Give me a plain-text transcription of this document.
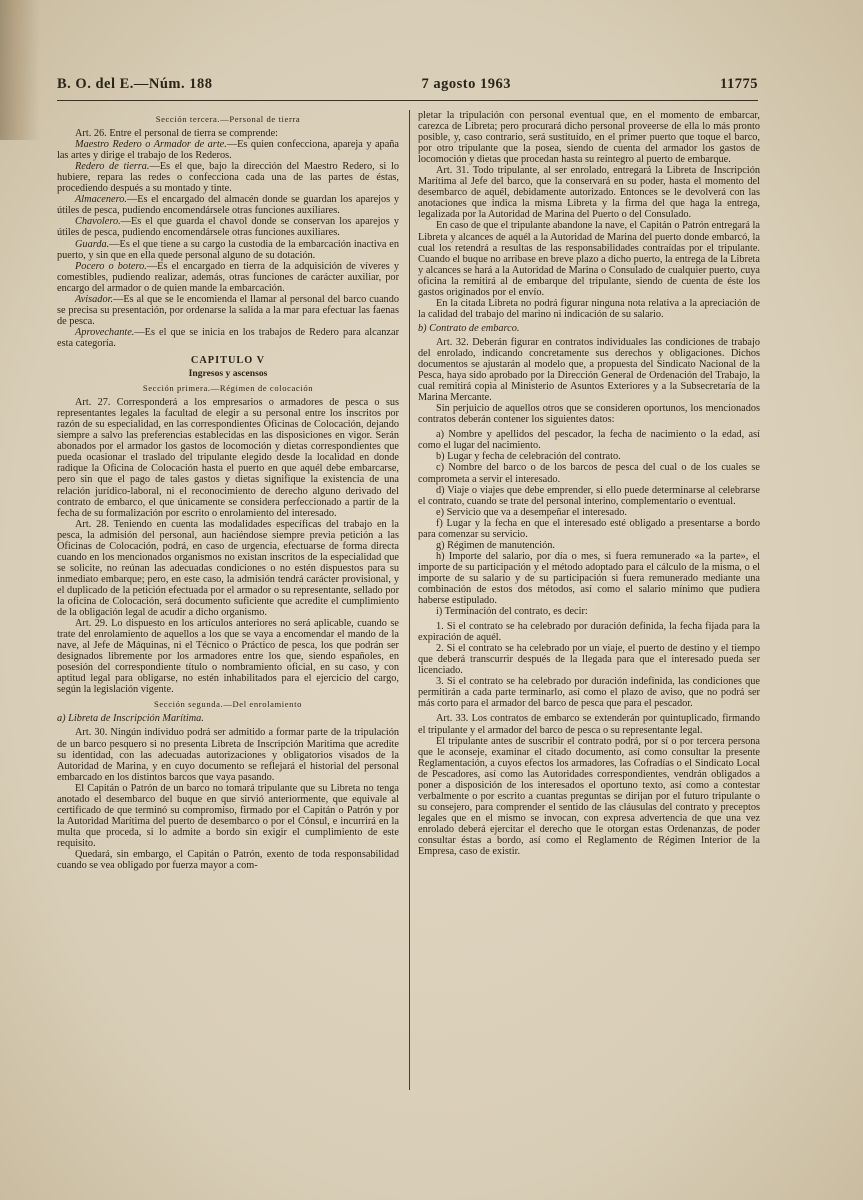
B. O. del E.—Núm. 188	7 agosto 1963	11775

Sección tercera.—Personal de tierra

Art. 26. Entre el personal de tierra se comprende:

Maestro Redero o Armador de arte.—Es quien confecciona, apareja y apaña las artes y dirige el trabajo de los Rederos.

Redero de tierra.—Es el que, bajo la dirección del Maestro Redero, si lo hubiere, repara las redes o confecciona cada una de las partes de éstas, procediendo después a su montado y tinte.

Almacenero.—Es el encargado del almacén donde se guardan los aparejos y útiles de pesca, pudiendo encomendársele otras funciones auxiliares.

Chavolero.—Es el que guarda el chavol donde se conservan los aparejos y útiles de pesca, pudiendo encomendársele otras funciones auxiliares.

Guarda.—Es el que tiene a su cargo la custodia de la embarcación inactiva en puerto, y sin que en ella quede personal alguno de su dotación.

Pocero o botero.—Es el encargado en tierra de la adquisición de víveres y comestibles, pudiendo realizar, además, otras funciones de carácter auxiliar, por encargo del armador o de quien mande la embarcación.

Avisador.—Es al que se le encomienda el llamar al personal del barco cuando se precisa su presentación, por ordenarse la salida a la mar para efectuar las faenas de pesca.

Aprovechante.—Es el que se inicia en los trabajos de Redero para alcanzar esta categoría.

CAPITULO V

Ingresos y ascensos

Sección primera.—Régimen de colocación

Art. 27. Corresponderá a los empresarios o armadores de pesca o sus representantes legales la facultad de elegir a su personal entre los inscritos por razón de su especialidad, en las correspondientes Oficinas de Colocación, dejando siempre a salvo las preferencias establecidas en las disposiciones en vigor. Serán abonados por el armador los gastos de locomoción y dietas correspondientes que pueda ocasionar el traslado del tripulante elegido desde la localidad en donde radique la Oficina de Colocación hasta el puerto en que aquél debe embarcarse, pero sin que el pago de tales gastos y dietas signifique la existencia de una relación jurídico-laboral, ni el reconocimiento de derecho alguno derivado del contrato de embarco, el que únicamente se considera perfeccionado a partir de la fecha de su formalización por escrito o enrolamiento del interesado.

Art. 28. Teniendo en cuenta las modalidades específicas del trabajo en la pesca, la admisión del personal, aun haciéndose siempre previa petición a las Oficinas de Colocación, podrá, en caso de urgencia, efectuarse de forma directa cuando en los mencionados organismos no existan inscritos de la especialidad que se solicite, no reúnan las adecuadas condiciones o no estén dispuestos para su inmediato embarque; pero, en este caso, la admisión tendrá carácter provisional, y el duplicado de la petición efectuada por el armador o su representante, sellado por la oficina de Colocación, será documento suficiente que acredite el cumplimiento de la obligación legal de acudir a dicho organismo.

Art. 29. Lo dispuesto en los artículos anteriores no será aplicable, cuando se trate del enrolamiento de aquellos a los que se vaya a encomendar el mando de la nave, al Jefe de Máquinas, ni el Técnico o Práctico de pesca, los que podrán ser designados libremente por los armadores entre los que, siendo españoles, en posesión del correspondiente título o nombramiento oficial, en su caso, y con aptitud legal para obligarse, no estén inhabilitados para el ejercicio del cargo, según la legislación vigente.

Sección segunda.—Del enrolamiento

a) Libreta de Inscripción Marítima.

Art. 30. Ningún individuo podrá ser admitido a formar parte de la tripulación de un barco pesquero si no presenta Libreta de Inscripción Marítima que acredite su identidad, con las adecuadas autorizaciones y obligatorios visados de la Autoridad de Marina, y en cuyo documento se reflejará el historial del personal embarcado en los distintos barcos que vaya pasando.

El Capitán o Patrón de un barco no tomará tripulante que su Libreta no tenga anotado el desembarco del buque en que sirvió anteriormente, que equivale al certificado de que terminó su compromiso, firmado por el Capitán o Patrón y por la Autoridad Marítima del puerto de desembarco o por el Cónsul, e incurrirá en la multa que proceda, si lo admite a bordo sin exigir el cumplimiento de este requisito.

Quedará, sin embargo, el Capitán o Patrón, exento de toda responsabilidad cuando se vea obligado por fuerza mayor a com-

pletar la tripulación con personal eventual que, en el momento de embarcar, carezca de Libreta; pero procurará dicho personal proveerse de ella lo más pronto posible, y, caso contrario, será sustituído, en el primer puerto que toque el barco, por otro tripulante que la posea, siendo de cuenta del armador los gastos de locomoción y dietas que procedan hasta su reintegro al puerto de embarque.

Art. 31. Todo tripulante, al ser enrolado, entregará la Libreta de Inscripción Marítima al Jefe del barco, que la conservará en su poder, hasta el momento del desembarco de aquél, debidamente autorizado. Entonces se le devolverá con las anotaciones que indica la misma Libreta y la firma del que haga la entrega, legalizada por la Autoridad de Marina del Puerto o del Consulado.

En caso de que el tripulante abandone la nave, el Capitán o Patrón entregará la Libreta y alcances de aquél a la Autoridad de Marina del puerto donde embarcó, la cual los retendrá a resultas de las responsabilidades contraídas por el tripulante. Cuando el buque no arribase en breve plazo a dicho puerto, la entrega de la Libreta y alcances se hará a la Autoridad de Marina o Consulado de cualquier puerto, cuya oficina la remitirá al de embarque del tripulante, siendo de cuenta de éste los gastos originados por el envío.

En la citada Libreta no podrá figurar ninguna nota relativa a la apreciación de la calidad del trabajo del marino ni indicación de su salario.

b) Contrato de embarco.

Art. 32. Deberán figurar en contratos individuales las condiciones de trabajo del enrolado, indicando concretamente sus derechos y obligaciones. Dichos documentos se ajustarán al modelo que, a propuesta del Sindicato Nacional de la Pesca, haya sido aprobado por la Dirección General de Ordenación del Trabajo, la cual remitirá copia al Ministerio de Asuntos Exteriores y a la Subsecretaría de la Marina Mercante.

Sin perjuicio de aquellos otros que se consideren oportunos, los mencionados contratos deberán contener los siguientes datos:

a) Nombre y apellidos del pescador, la fecha de nacimiento o la edad, así como el lugar del nacimiento.

b) Lugar y fecha de celebración del contrato.

c) Nombre del barco o de los barcos de pesca del cual o de los cuales se comprometa a servir el interesado.

d) Viaje o viajes que debe emprender, si ello puede determinarse al celebrarse el contrato, cuando se trate del personal interino, complementario o eventual.

e) Servicio que va a desempeñar el interesado.

f) Lugar y la fecha en que el interesado esté obligado a presentarse a bordo para comenzar su servicio.

g) Régimen de manutención.

h) Importe del salario, por día o mes, si fuera remunerado «a la parte», el importe de su participación y el método adoptado para el cálculo de la misma, o el importe de su salario y de su participación si fuera remunerado mediante una combinación de estos dos métodos, así como el salario mínimo que pudiera haberse estipulado.

i) Terminación del contrato, es decir:

1. Si el contrato se ha celebrado por duración definida, la fecha fijada para la expiración de aquél.

2. Si el contrato se ha celebrado por un viaje, el puerto de destino y el tiempo que deberá transcurrir después de la llegada para que el interesado pueda ser licenciado.

3. Si el contrato se ha celebrado por duración indefinida, las condiciones que permitirán a cada parte terminarlo, así como el plazo de aviso, que no podrá ser más corto para el armador del barco de pesca que para el pescador.

Art. 33. Los contratos de embarco se extenderán por quintuplicado, firmando el tripulante y el armador del barco de pesca o su representante legal.

El tripulante antes de suscribir el contrato podrá, por sí o por tercera persona que le aconseje, examinar el citado documento, así como consultar la presente Reglamentación, a cuyos efectos los armadores, las Cofradías o el Sindicato Local de Pescadores, así como las Autoridades correspondientes, vendrán obligados a poner a disposición de los interesados el oportuno texto, así como a contestar verbalmente o por escrito a cuantas preguntas se dirijan por el futuro tripulante o su consejero, para comprender el sentido de las cláusulas del contrato y preceptos legales que en el mismo se invocan, con expresa advertencia de que una vez enrolado deberá ejercitar el derecho que le otorgan estas Ordenanzas, de poder consultar éstas a bordo, así como el Reglamento de Régimen Interior de la Empresa, caso de existir.
